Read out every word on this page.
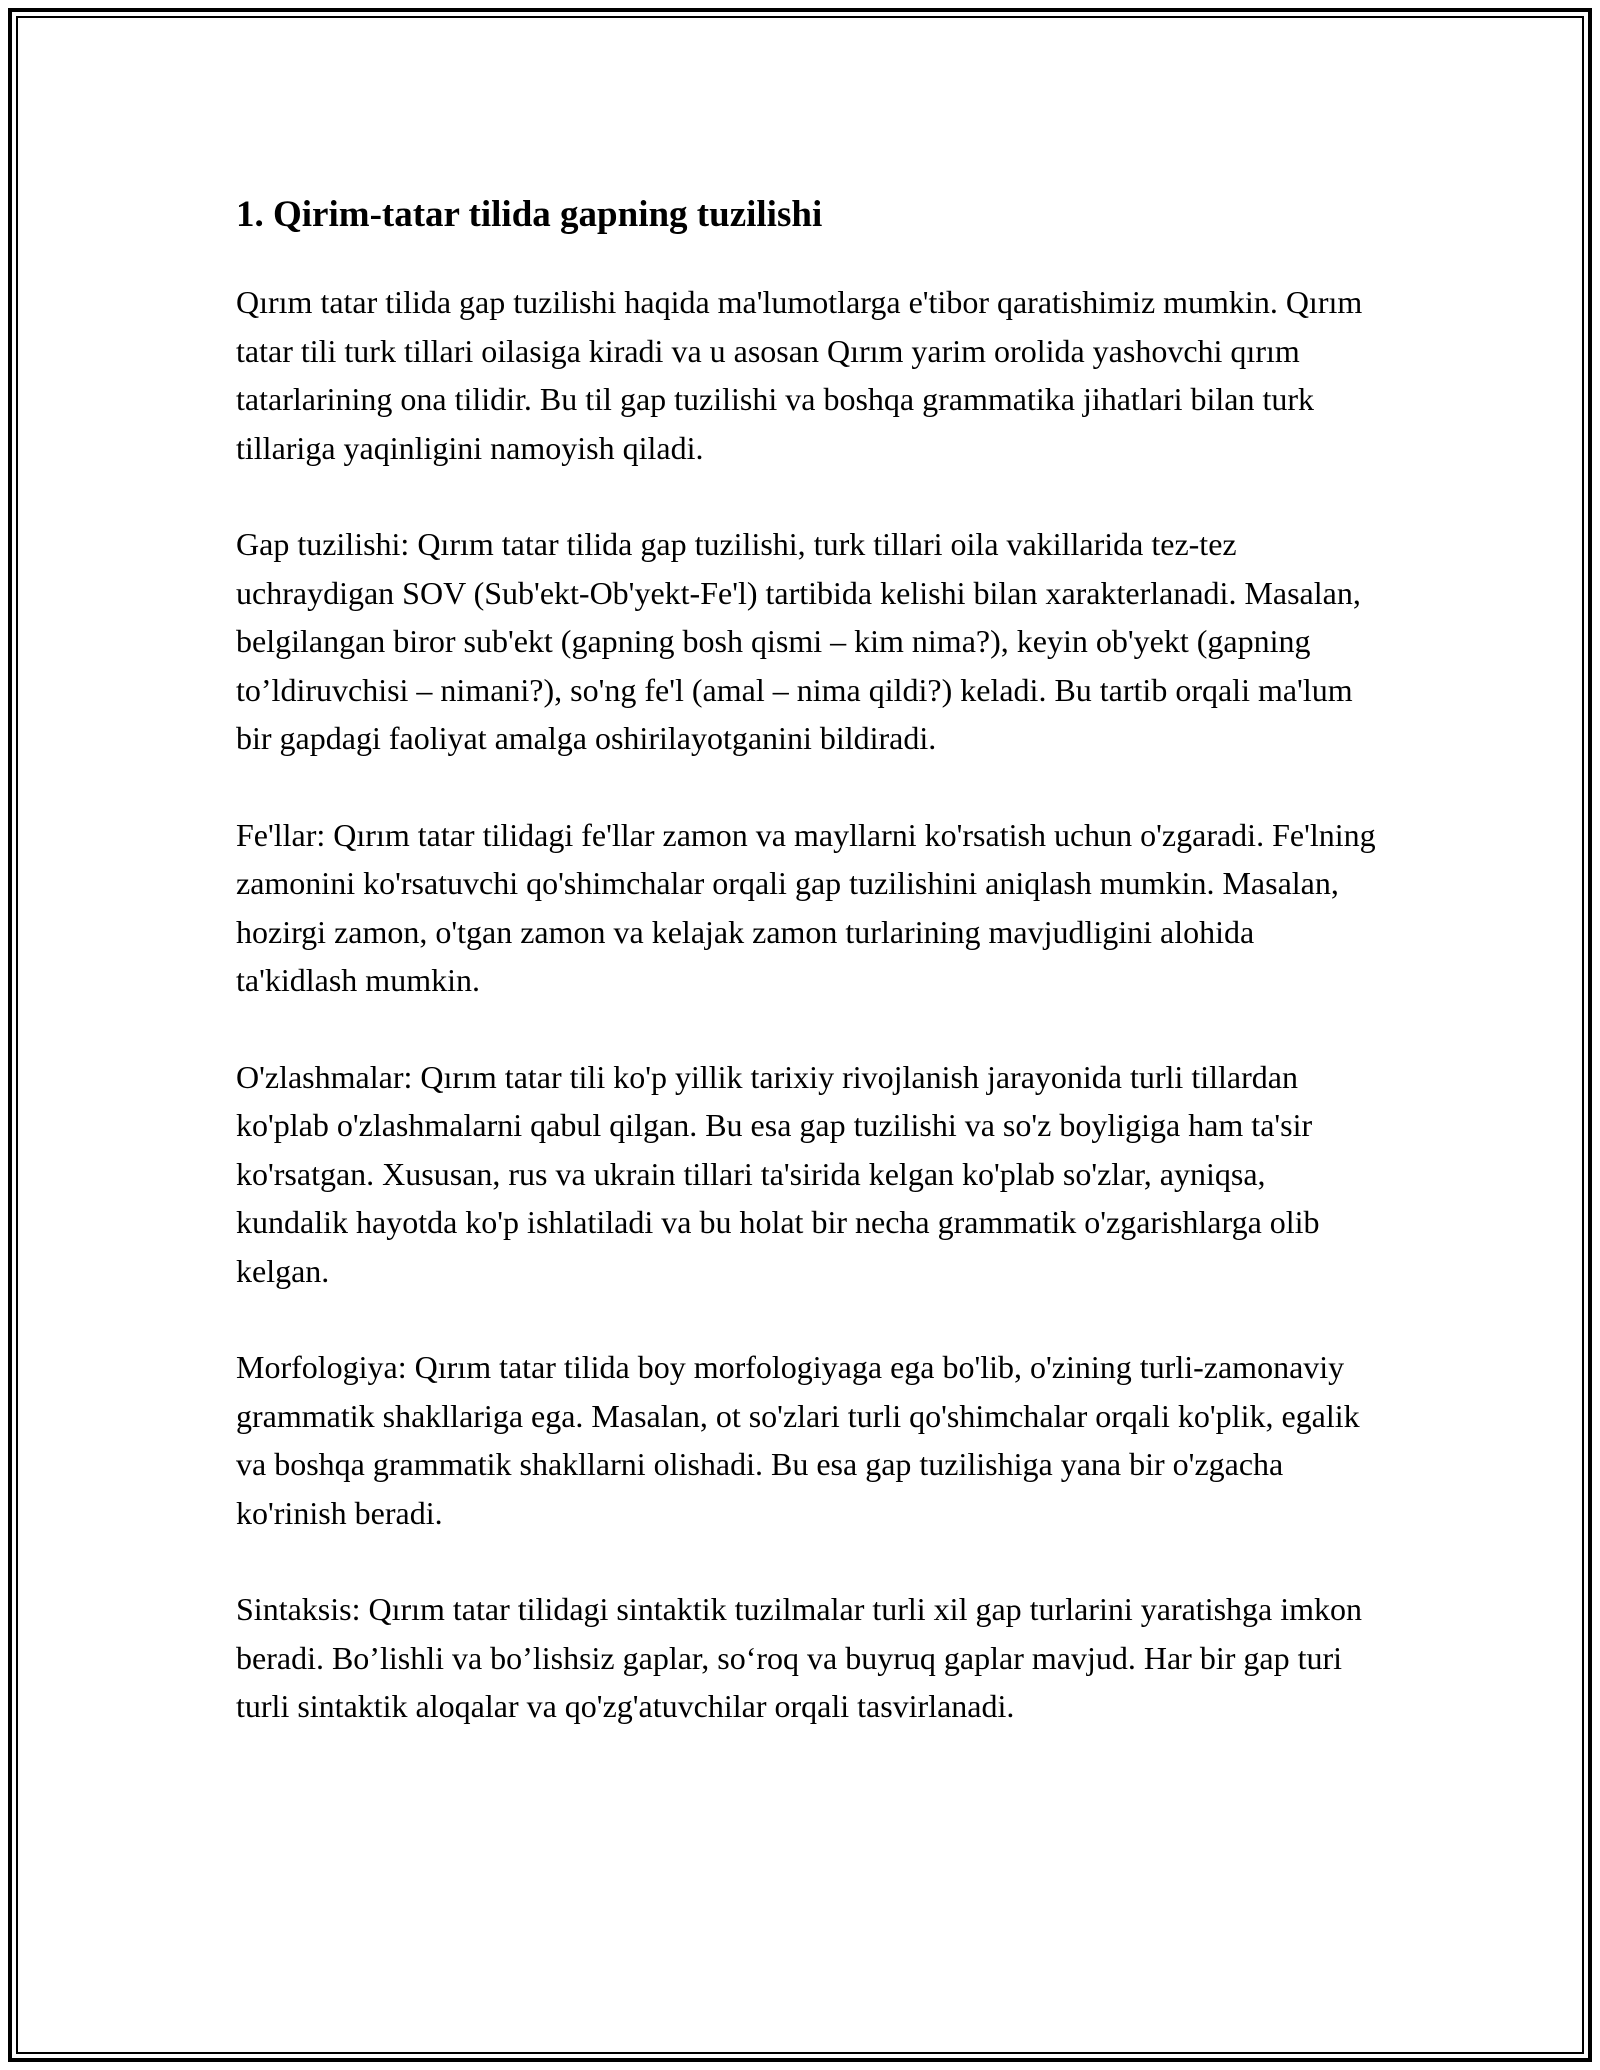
1. Qirim-tatar tilida gapning tuzilishi

Qırım tatar tilida gap tuzilishi haqida ma'lumotlarga e'tibor qaratishimiz mumkin. Qırım tatar tili turk tillari oilasiga kiradi va u asosan Qırım yarim orolida yashovchi qırım tatarlarining ona tilidir. Bu til gap tuzilishi va boshqa grammatika jihatlari bilan turk tillariga yaqinligini namoyish qiladi.

Gap tuzilishi: Qırım tatar tilida gap tuzilishi, turk tillari oila vakillarida tez-tez uchraydigan SOV (Sub'ekt-Ob'yekt-Fe'l) tartibida kelishi bilan xarakterlanadi. Masalan, belgilangan biror sub'ekt (gapning bosh qismi – kim nima?), keyin ob'yekt (gapning to’ldiruvchisi – nimani?), so'ng fe'l (amal – nima qildi?) keladi. Bu tartib orqali ma'lum bir gapdagi faoliyat amalga oshirilayotganini bildiradi.

Fe'llar: Qırım tatar tilidagi fe'llar zamon va mayllarni ko'rsatish uchun o'zgaradi. Fe'lning zamonini ko'rsatuvchi qo'shimchalar orqali gap tuzilishini aniqlash mumkin. Masalan, hozirgi zamon, o'tgan zamon va kelajak zamon turlarining mavjudligini alohida ta'kidlash mumkin.

O'zlashmalar: Qırım tatar tili ko'p yillik tarixiy rivojlanish jarayonida turli tillardan ko'plab o'zlashmalarni qabul qilgan. Bu esa gap tuzilishi va so'z boyligiga ham ta'sir ko'rsatgan. Xususan, rus va ukrain tillari ta'sirida kelgan ko'plab so'zlar, ayniqsa, kundalik hayotda ko'p ishlatiladi va bu holat bir necha grammatik o'zgarishlarga olib kelgan.

Morfologiya: Qırım tatar tilida boy morfologiyaga ega bo'lib, o'zining turli-zamonaviy grammatik shakllariga ega. Masalan, ot so'zlari turli qo'shimchalar orqali ko'plik, egalik va boshqa grammatik shakllarni olishadi. Bu esa gap tuzilishiga yana bir o'zgacha ko'rinish beradi.

Sintaksis: Qırım tatar tilidagi sintaktik tuzilmalar turli xil gap turlarini yaratishga imkon beradi. Bo’lishli va bo’lishsiz gaplar, so‘roq va buyruq gaplar mavjud. Har bir gap turi turli sintaktik aloqalar va qo'zg'atuvchilar orqali tasvirlanadi.
